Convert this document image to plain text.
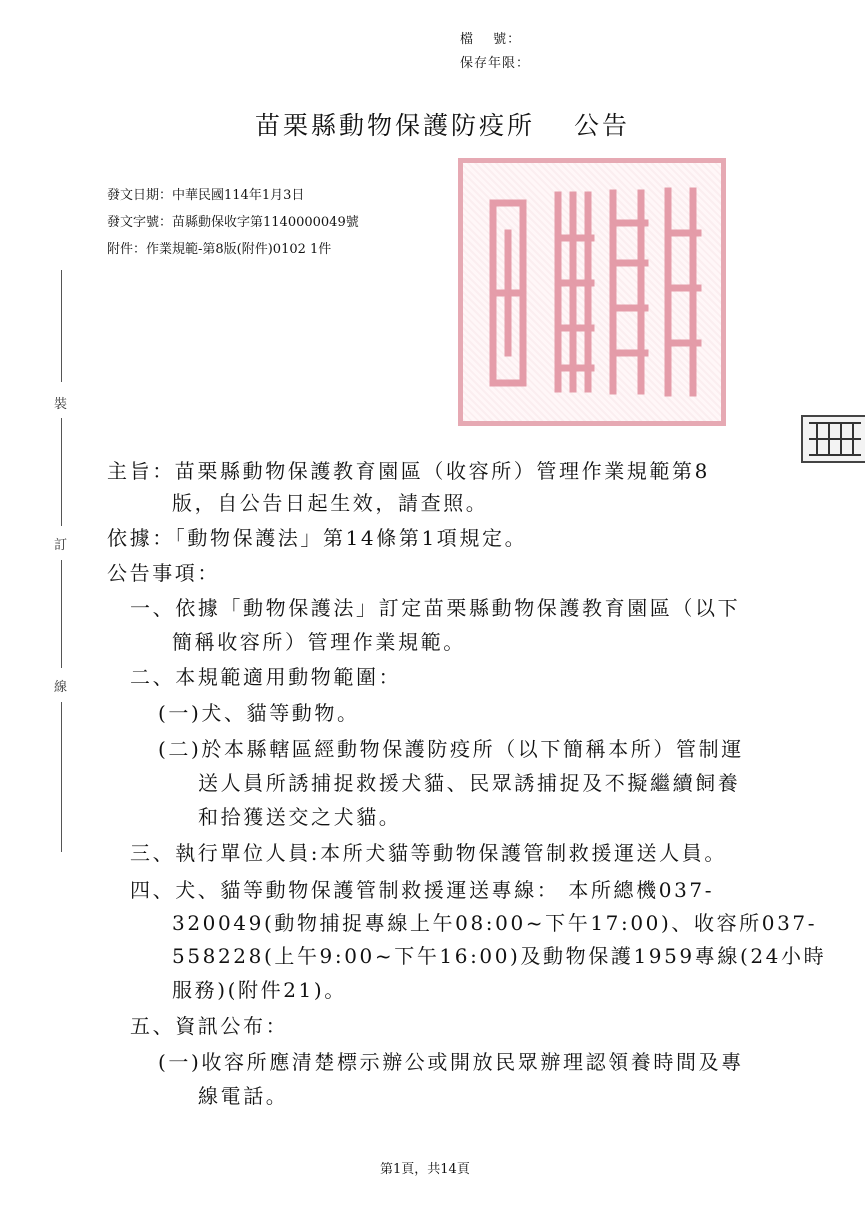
檔　 號：
保存年限：
苗栗縣動物保護防疫所　 公告
發文日期：中華民國114年1月3日
發文字號：苗縣動保收字第1140000049號
附件：作業規範-第8版(附件)0102 1件
裝
訂
線
主旨：苗栗縣動物保護教育園區（收容所）管理作業規範第8
版，自公告日起生效，請查照。
依據：「動物保護法」第14條第1項規定。
公告事項：
一、依據「動物保護法」訂定苗栗縣動物保護教育園區（以下
簡稱收容所）管理作業規範。
二、本規範適用動物範圍：
(一)犬、貓等動物。
(二)於本縣轄區經動物保護防疫所（以下簡稱本所）管制運
送人員所誘捕捉救援犬貓、民眾誘捕捉及不擬繼續飼養
和拾獲送交之犬貓。
三、執行單位人員:本所犬貓等動物保護管制救援運送人員。
四、犬、貓等動物保護管制救援運送專線： 本所總機037-
320049(動物捕捉專線上午08:00~下午17:00)、收容所037-
558228(上午9:00~下午16:00)及動物保護1959專線(24小時
服務)(附件21)。
五、資訊公布：
(一)收容所應清楚標示辦公或開放民眾辦理認領養時間及專
線電話。
第1頁，共14頁
